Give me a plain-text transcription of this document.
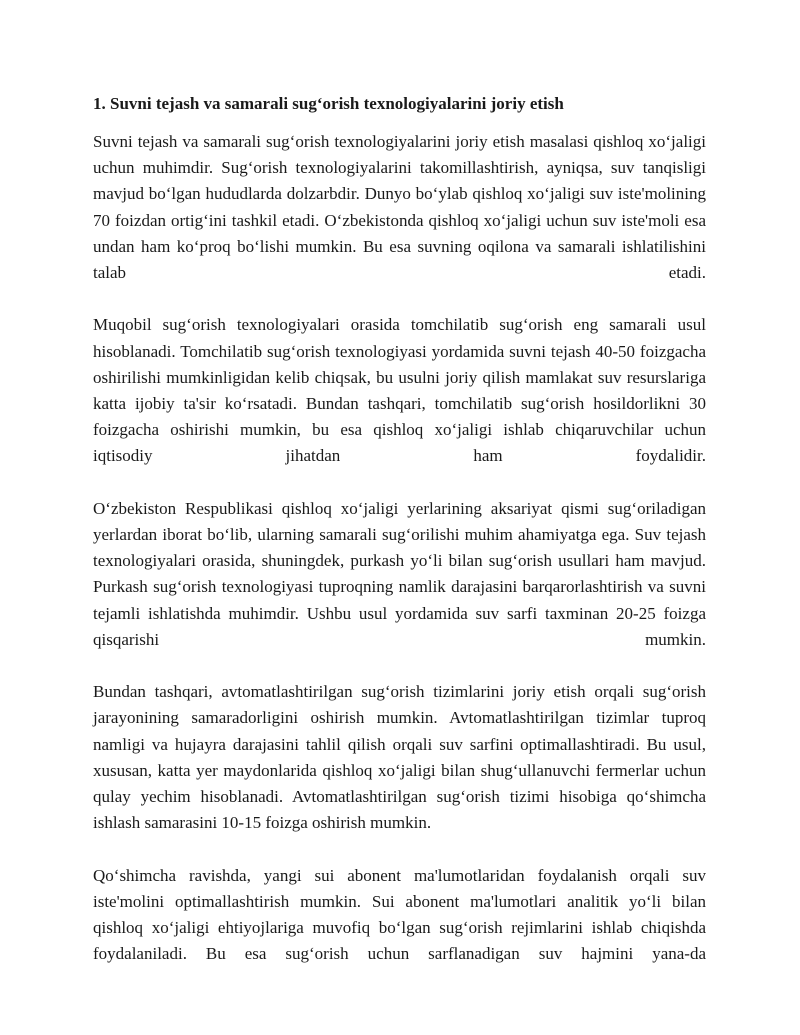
1. Suvni tejash va samarali sug‘orish texnologiyalarini joriy etish

Suvni tejash va samarali sug‘orish texnologiyalarini joriy etish masalasi qishloq xo‘jaligi uchun muhimdir. Sug‘orish texnologiyalarini takomillashtirish, ayniqsa, suv tanqisligi mavjud bo‘lgan hududlarda dolzarbdir. Dunyo bo‘ylab qishloq xo‘jaligi suv iste'molining 70 foizdan ortig‘ini tashkil etadi. O‘zbekistonda qishloq xo‘jaligi uchun suv iste'moli esa undan ham ko‘proq bo‘lishi mumkin. Bu esa suvning oqilona va samarali ishlatilishini talab etadi.

Muqobil sug‘orish texnologiyalari orasida tomchilatib sug‘orish eng samarali usul hisoblanadi. Tomchilatib sug‘orish texnologiyasi yordamida suvni tejash 40-50 foizgacha oshirilishi mumkinligidan kelib chiqsak, bu usulni joriy qilish mamlakat suv resurslariga katta ijobiy ta'sir ko‘rsatadi. Bundan tashqari, tomchilatib sug‘orish hosildorlikni 30 foizgacha oshirishi mumkin, bu esa qishloq xo‘jaligi ishlab chiqaruvchilar uchun iqtisodiy jihatdan ham foydalidir.

O‘zbekiston Respublikasi qishloq xo‘jaligi yerlarining aksariyat qismi sug‘oriladigan yerlardan iborat bo‘lib, ularning samarali sug‘orilishi muhim ahamiyatga ega. Suv tejash texnologiyalari orasida, shuningdek, purkash yo‘li bilan sug‘orish usullari ham mavjud. Purkash sug‘orish texnologiyasi tuproqning namlik darajasini barqarorlashtirish va suvni tejamli ishlatishda muhimdir. Ushbu usul yordamida suv sarfi taxminan 20-25 foizga qisqarishi mumkin.

Bundan tashqari, avtomatlashtirilgan sug‘orish tizimlarini joriy etish orqali sug‘orish jarayonining samaradorligini oshirish mumkin. Avtomatlashtirilgan tizimlar tuproq namligi va hujayra darajasini tahlil qilish orqali suv sarfini optimallashtiradi. Bu usul, xususan, katta yer maydonlarida qishloq xo‘jaligi bilan shug‘ullanuvchi fermerlar uchun qulay yechim hisoblanadi. Avtomatlashtirilgan sug‘orish tizimi hisobiga qo‘shimcha ishlash samarasini 10-15 foizga oshirish mumkin.

Qo‘shimcha ravishda, yangi sui abonent ma'lumotlaridan foydalanish orqali suv iste'molini optimallashtirish mumkin. Sui abonent ma'lumotlari analitik yo‘li bilan qishloq xo‘jaligi ehtiyojlariga muvofiq bo‘lgan sug‘orish rejimlarini ishlab chiqishda foydalaniladi. Bu esa sug‘orish uchun sarflanadigan suv hajmini yana-da
